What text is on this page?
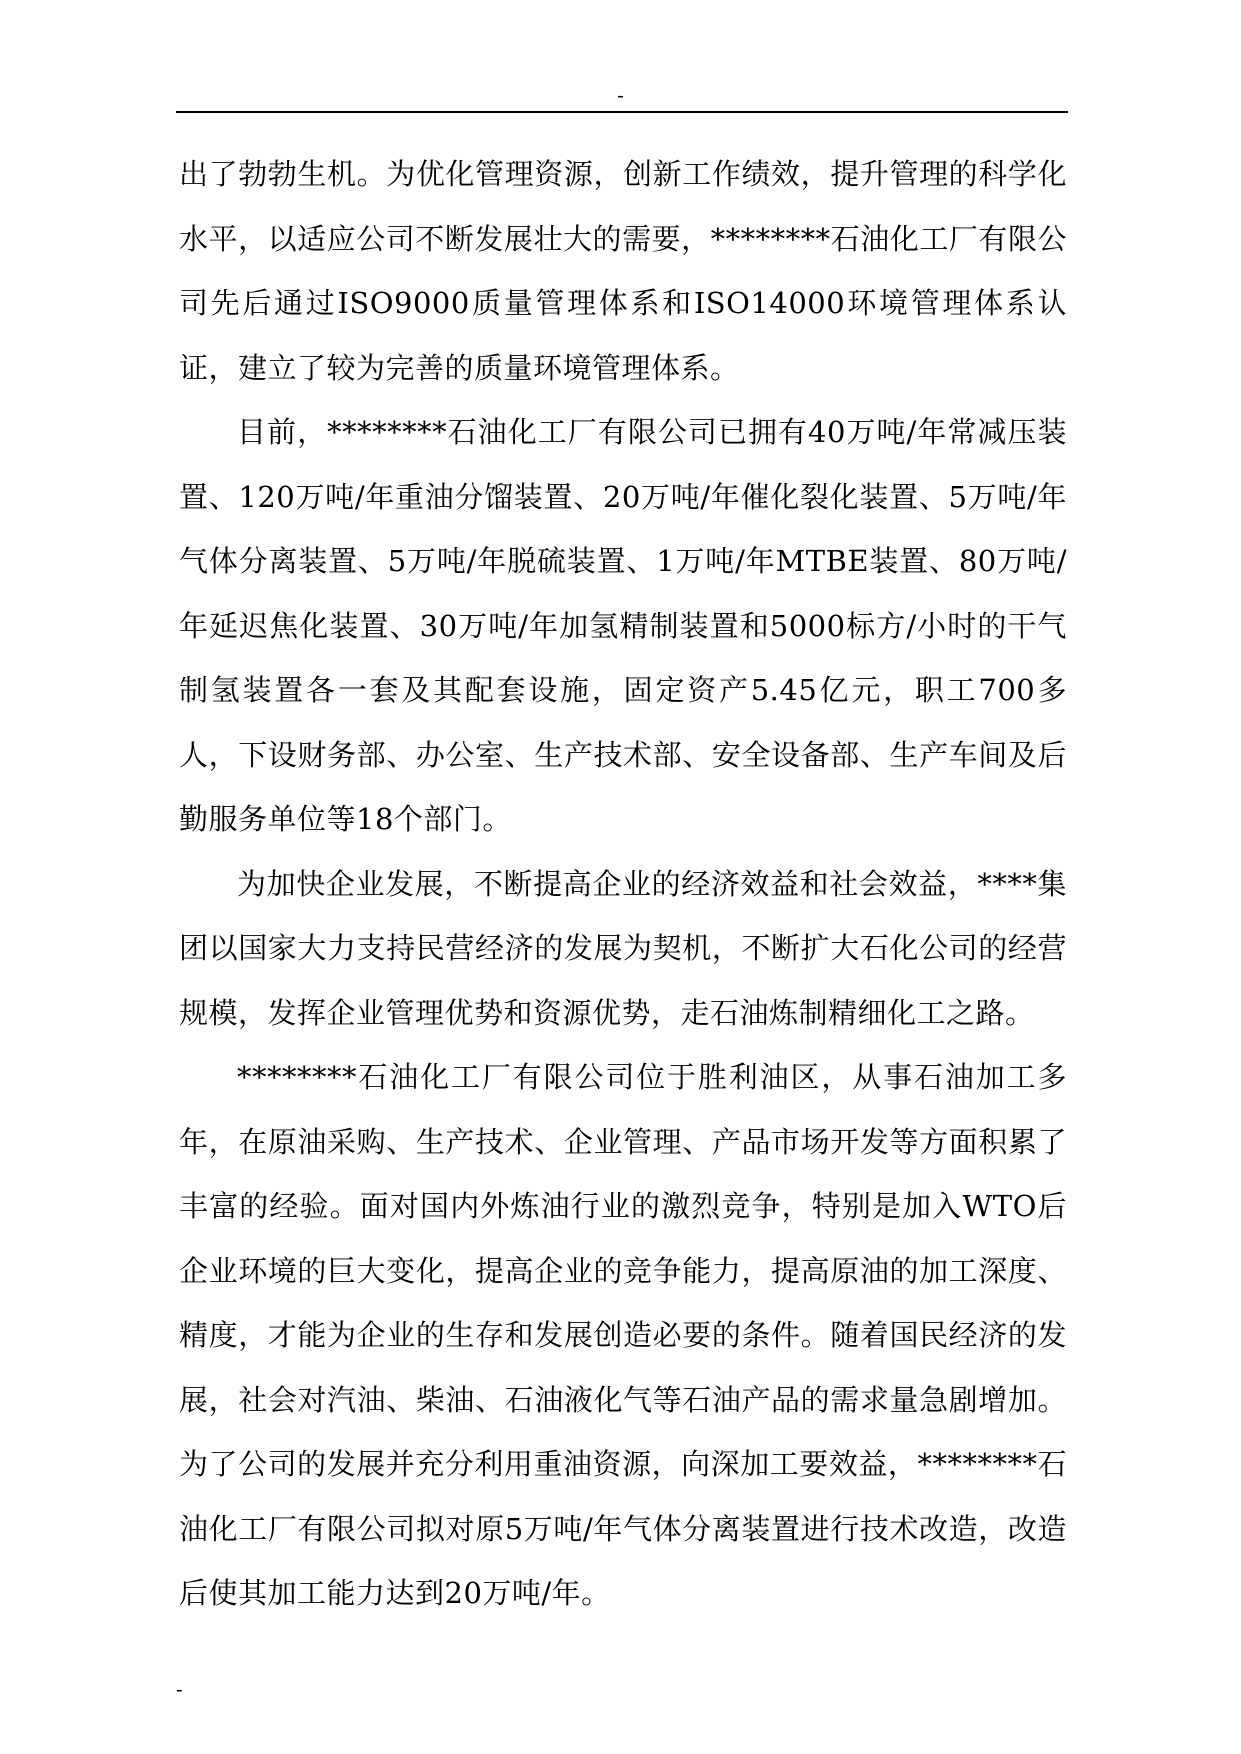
-

出了勃勃生机。为优化管理资源，创新工作绩效，提升管理的科学化水平，以适应公司不断发展壮大的需要，********石油化工厂有限公司先后通过ISO9000质量管理体系和ISO14000环境管理体系认证，建立了较为完善的质量环境管理体系。

目前，********石油化工厂有限公司已拥有40万吨/年常减压装置、120万吨/年重油分馏装置、20万吨/年催化裂化装置、5万吨/年气体分离装置、5万吨/年脱硫装置、1万吨/年MTBE装置、80万吨/年延迟焦化装置、30万吨/年加氢精制装置和5000标方/小时的干气制氢装置各一套及其配套设施，固定资产5.45亿元，职工700多人，下设财务部、办公室、生产技术部、安全设备部、生产车间及后勤服务单位等18个部门。

为加快企业发展，不断提高企业的经济效益和社会效益，****集团以国家大力支持民营经济的发展为契机，不断扩大石化公司的经营规模，发挥企业管理优势和资源优势，走石油炼制精细化工之路。

********石油化工厂有限公司位于胜利油区，从事石油加工多年，在原油采购、生产技术、企业管理、产品市场开发等方面积累了丰富的经验。面对国内外炼油行业的激烈竞争，特别是加入WTO后企业环境的巨大变化，提高企业的竞争能力，提高原油的加工深度、精度，才能为企业的生存和发展创造必要的条件。随着国民经济的发展，社会对汽油、柴油、石油液化气等石油产品的需求量急剧增加。为了公司的发展并充分利用重油资源，向深加工要效益，********石油化工厂有限公司拟对原5万吨/年气体分离装置进行技术改造，改造后使其加工能力达到20万吨/年。

-
